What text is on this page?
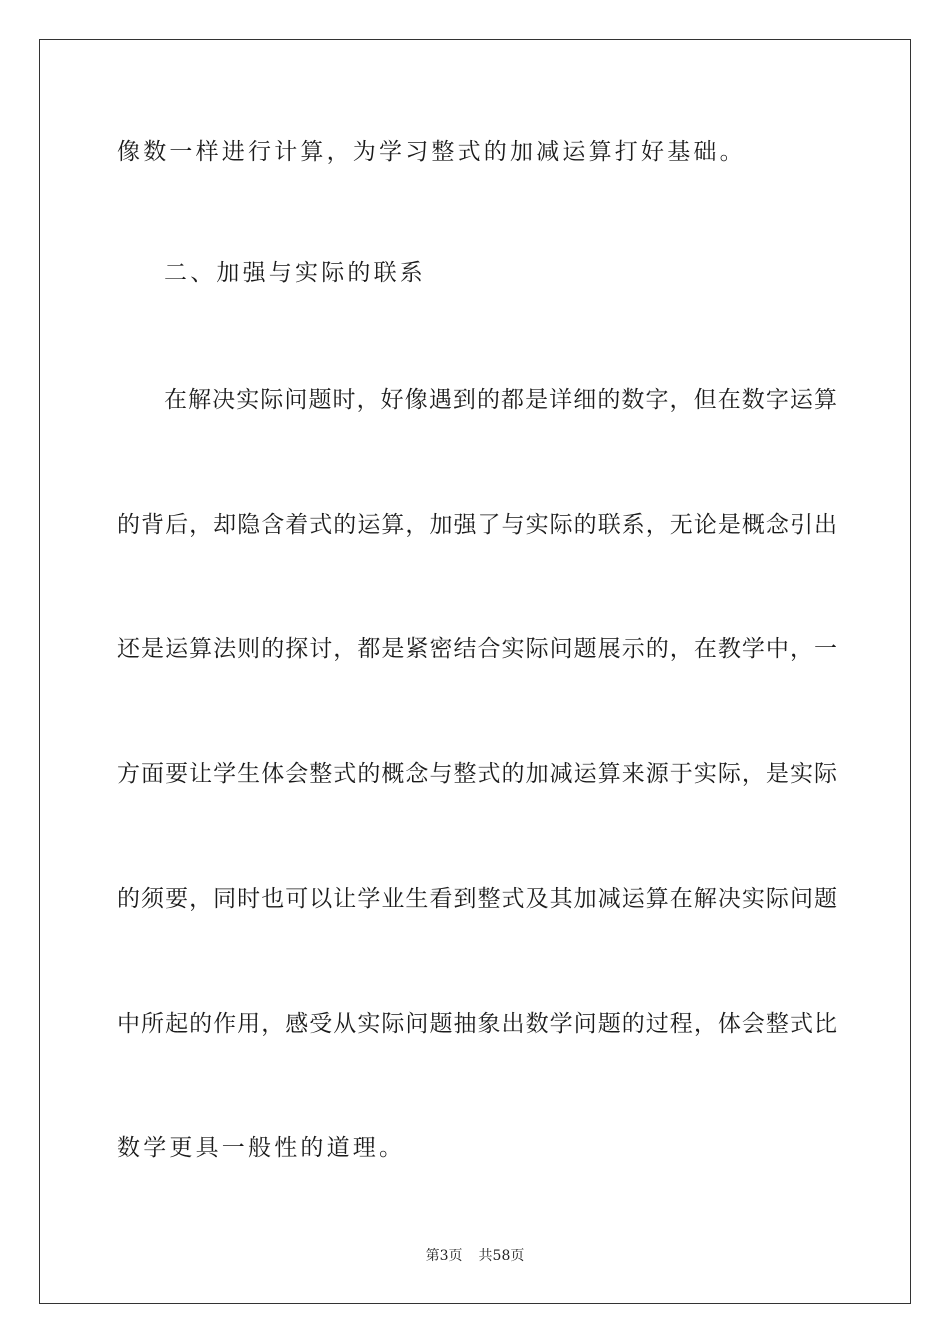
像数一样进行计算，为学习整式的加减运算打好基础。
二、加强与实际的联系
在解决实际问题时，好像遇到的都是详细的数字，但在数字运算
的背后，却隐含着式的运算，加强了与实际的联系，无论是概念引出
还是运算法则的探讨，都是紧密结合实际问题展示的，在教学中，一
方面要让学生体会整式的概念与整式的加减运算来源于实际，是实际
的须要，同时也可以让学业生看到整式及其加减运算在解决实际问题
中所起的作用，感受从实际问题抽象出数学问题的过程，体会整式比
数学更具一般性的道理。
第3页 共58页
